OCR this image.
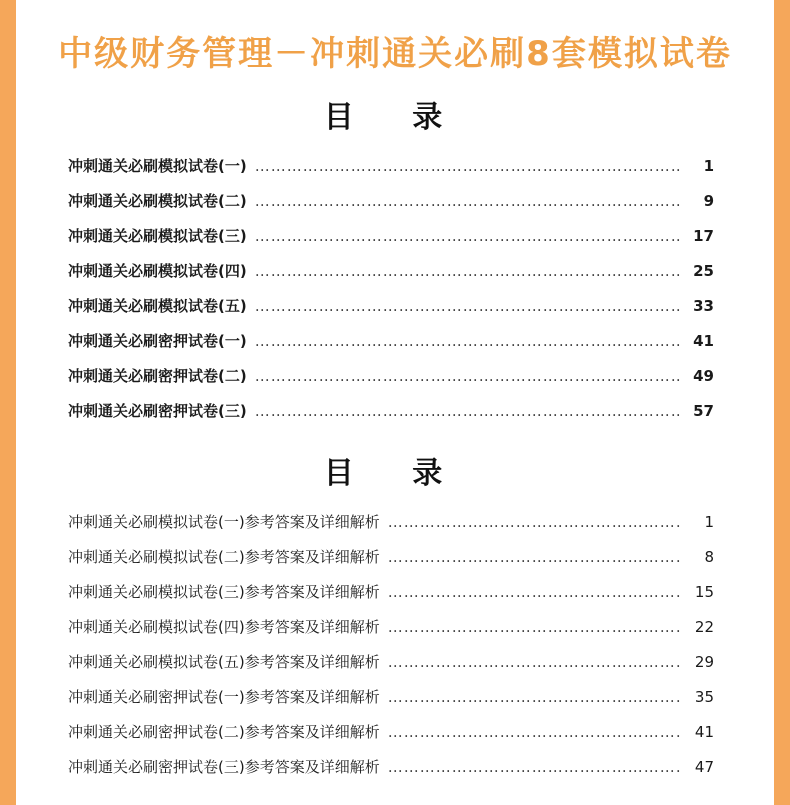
中级财务管理－冲刺通关必刷8套模拟试卷
目 录
冲刺通关必刷模拟试卷(一) …………………………………………………………………………………………………………………………………………………………	1
冲刺通关必刷模拟试卷(二) …………………………………………………………………………………………………………………………………………………………	9
冲刺通关必刷模拟试卷(三) …………………………………………………………………………………………………………………………………………………………	17
冲刺通关必刷模拟试卷(四) …………………………………………………………………………………………………………………………………………………………	25
冲刺通关必刷模拟试卷(五) …………………………………………………………………………………………………………………………………………………………	33
冲刺通关必刷密押试卷(一) …………………………………………………………………………………………………………………………………………………………	41
冲刺通关必刷密押试卷(二) …………………………………………………………………………………………………………………………………………………………	49
冲刺通关必刷密押试卷(三) …………………………………………………………………………………………………………………………………………………………	57
目 录
冲刺通关必刷模拟试卷(一)参考答案及详细解析 …………………………………………………………………………………………………………………………………………………………	1
冲刺通关必刷模拟试卷(二)参考答案及详细解析 …………………………………………………………………………………………………………………………………………………………	8
冲刺通关必刷模拟试卷(三)参考答案及详细解析 …………………………………………………………………………………………………………………………………………………………	15
冲刺通关必刷模拟试卷(四)参考答案及详细解析 …………………………………………………………………………………………………………………………………………………………	22
冲刺通关必刷模拟试卷(五)参考答案及详细解析 …………………………………………………………………………………………………………………………………………………………	29
冲刺通关必刷密押试卷(一)参考答案及详细解析 …………………………………………………………………………………………………………………………………………………………	35
冲刺通关必刷密押试卷(二)参考答案及详细解析 …………………………………………………………………………………………………………………………………………………………	41
冲刺通关必刷密押试卷(三)参考答案及详细解析 …………………………………………………………………………………………………………………………………………………………	47
